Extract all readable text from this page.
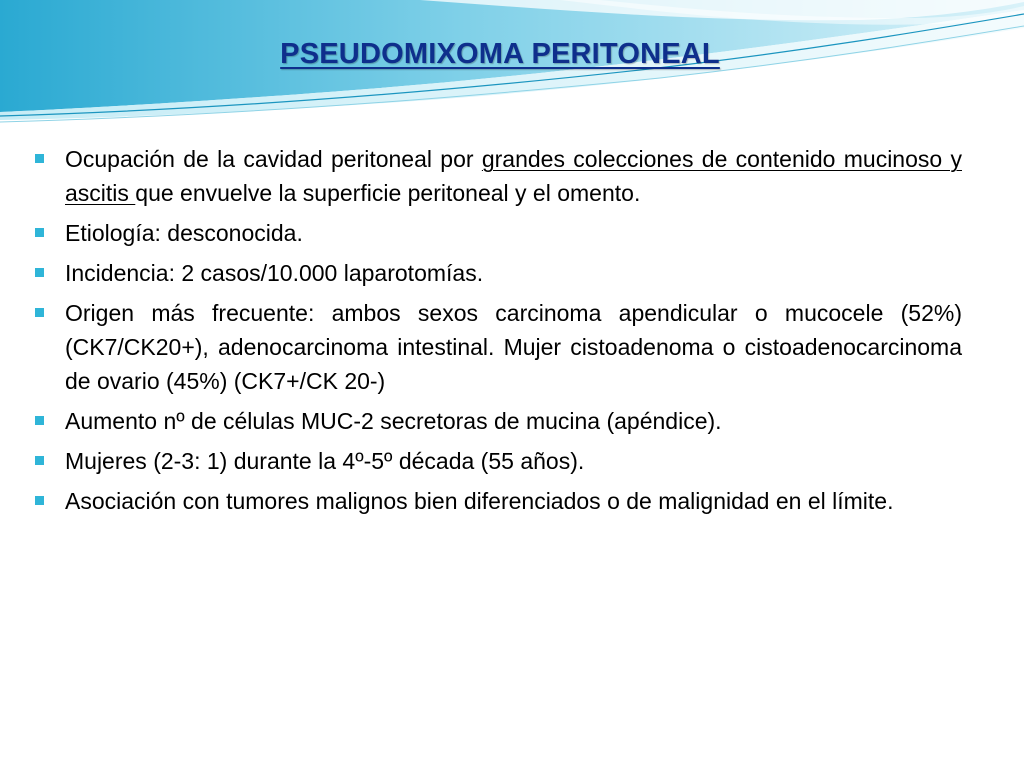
PSEUDOMIXOMA PERITONEAL
Ocupación de la cavidad peritoneal por grandes colecciones de contenido mucinoso y ascitis que envuelve la superficie peritoneal y el omento.
Etiología: desconocida.
Incidencia: 2 casos/10.000 laparotomías.
Origen más frecuente: ambos sexos carcinoma apendicular o mucocele (52%) (CK7/CK20+), adenocarcinoma intestinal. Mujer cistoadenoma o cistoadenocarcinoma de ovario (45%) (CK7+/CK 20-)
Aumento nº de células MUC-2 secretoras de mucina (apéndice).
Mujeres (2-3: 1) durante la 4º-5º década (55 años).
Asociación con tumores malignos bien diferenciados o de malignidad en el límite.
